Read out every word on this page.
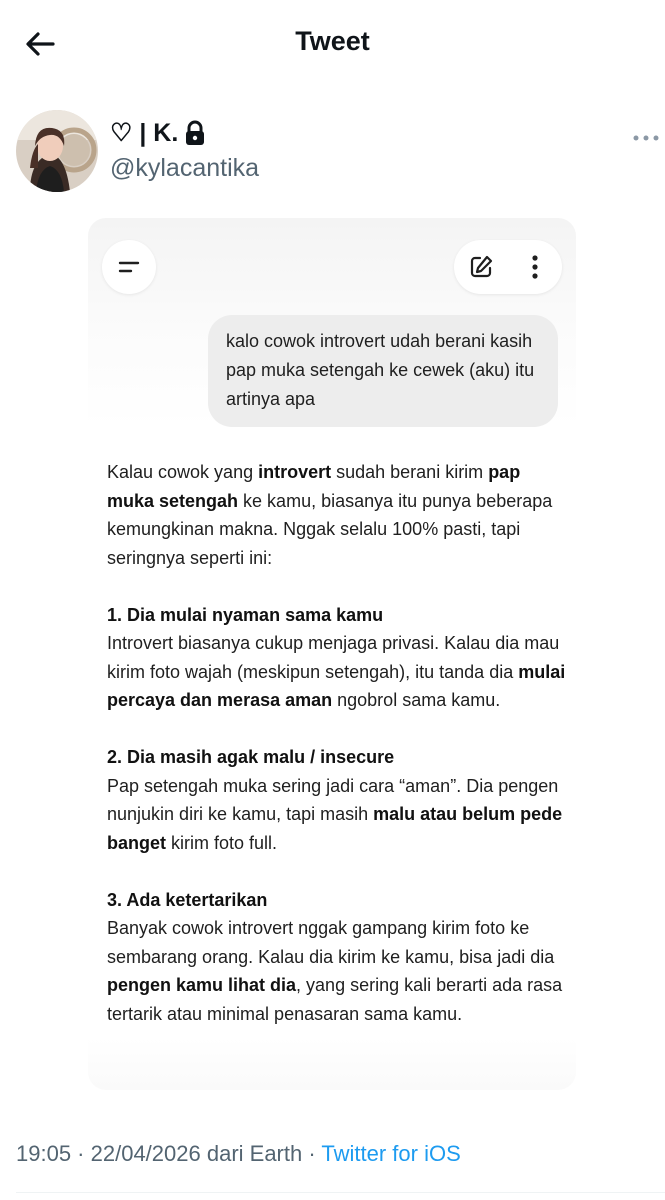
Tweet
♡ | K.
@kylacantika
kalo cowok introvert udah berani kasih pap muka setengah ke cewek (aku) itu artinya apa

Kalau cowok yang introvert sudah berani kirim pap muka setengah ke kamu, biasanya itu punya beberapa kemungkinan makna. Nggak selalu 100% pasti, tapi seringnya seperti ini:

1. Dia mulai nyaman sama kamu

Introvert biasanya cukup menjaga privasi. Kalau dia mau kirim foto wajah (meskipun setengah), itu tanda dia mulai percaya dan merasa aman ngobrol sama kamu.

2. Dia masih agak malu / insecure

Pap setengah muka sering jadi cara “aman”. Dia pengen nunjukin diri ke kamu, tapi masih malu atau belum pede banget kirim foto full.

3. Ada ketertarikan

Banyak cowok introvert nggak gampang kirim foto ke sembarang orang. Kalau dia kirim ke kamu, bisa jadi dia pengen kamu lihat dia, yang sering kali berarti ada rasa tertarik atau minimal penasaran sama kamu.

19:05 · 22/04/2026 dari Earth · Twitter for iOS
